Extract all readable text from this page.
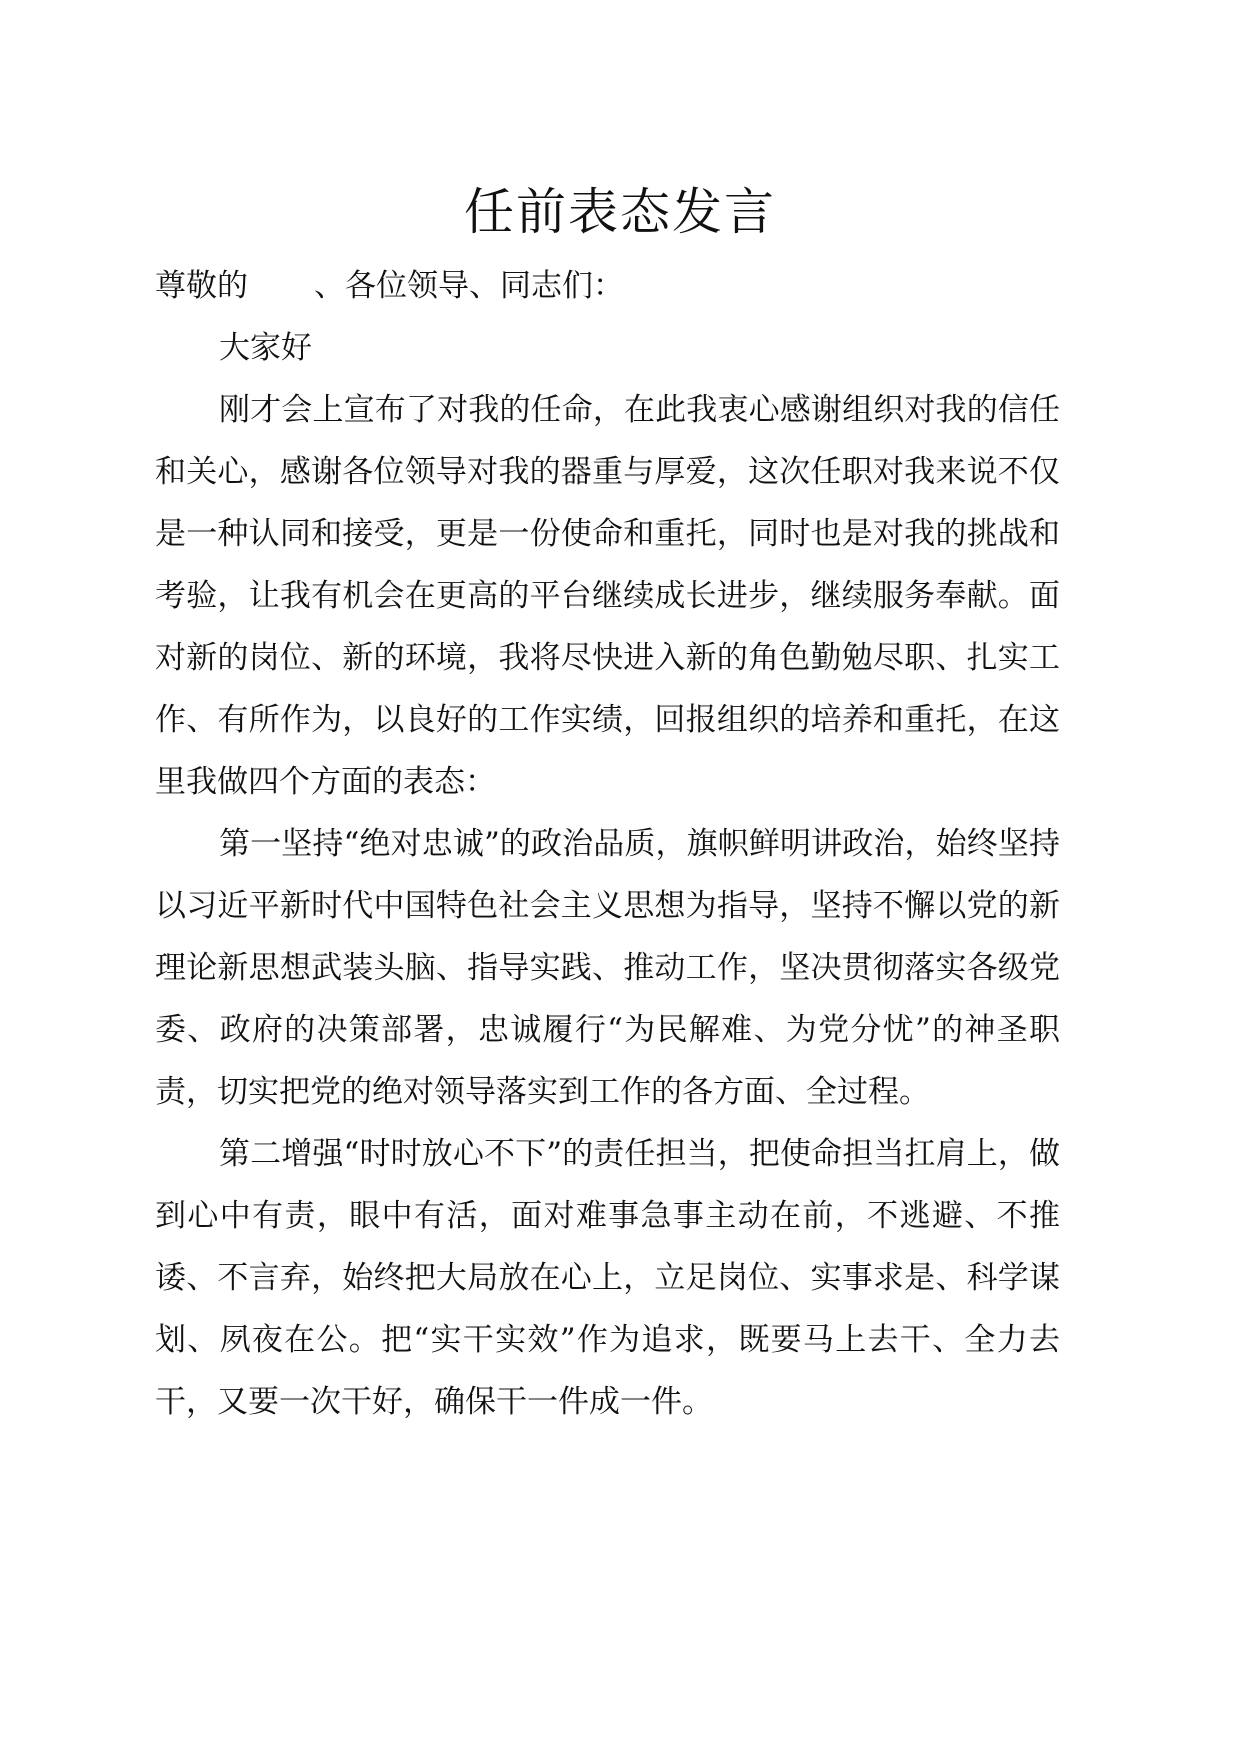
任前表态发言

尊敬的 、各位领导、同志们：

大家好

刚才会上宣布了对我的任命，在此我衷心感谢组织对我的信任和关心，感谢各位领导对我的器重与厚爱，这次任职对我来说不仅是一种认同和接受，更是一份使命和重托，同时也是对我的挑战和考验，让我有机会在更高的平台继续成长进步，继续服务奉献。面对新的岗位、新的环境，我将尽快进入新的角色勤勉尽职、扎实工作、有所作为，以良好的工作实绩，回报组织的培养和重托，在这里我做四个方面的表态：

第一坚持“绝对忠诚”的政治品质，旗帜鲜明讲政治，始终坚持以习近平新时代中国特色社会主义思想为指导，坚持不懈以党的新理论新思想武装头脑、指导实践、推动工作，坚决贯彻落实各级党委、政府的决策部署，忠诚履行“为民解难、为党分忧”的神圣职责，切实把党的绝对领导落实到工作的各方面、全过程。

第二增强“时时放心不下”的责任担当，把使命担当扛肩上，做到心中有责，眼中有活，面对难事急事主动在前，不逃避、不推诿、不言弃，始终把大局放在心上，立足岗位、实事求是、科学谋划、夙夜在公。把“实干实效”作为追求，既要马上去干、全力去干，又要一次干好，确保干一件成一件。
